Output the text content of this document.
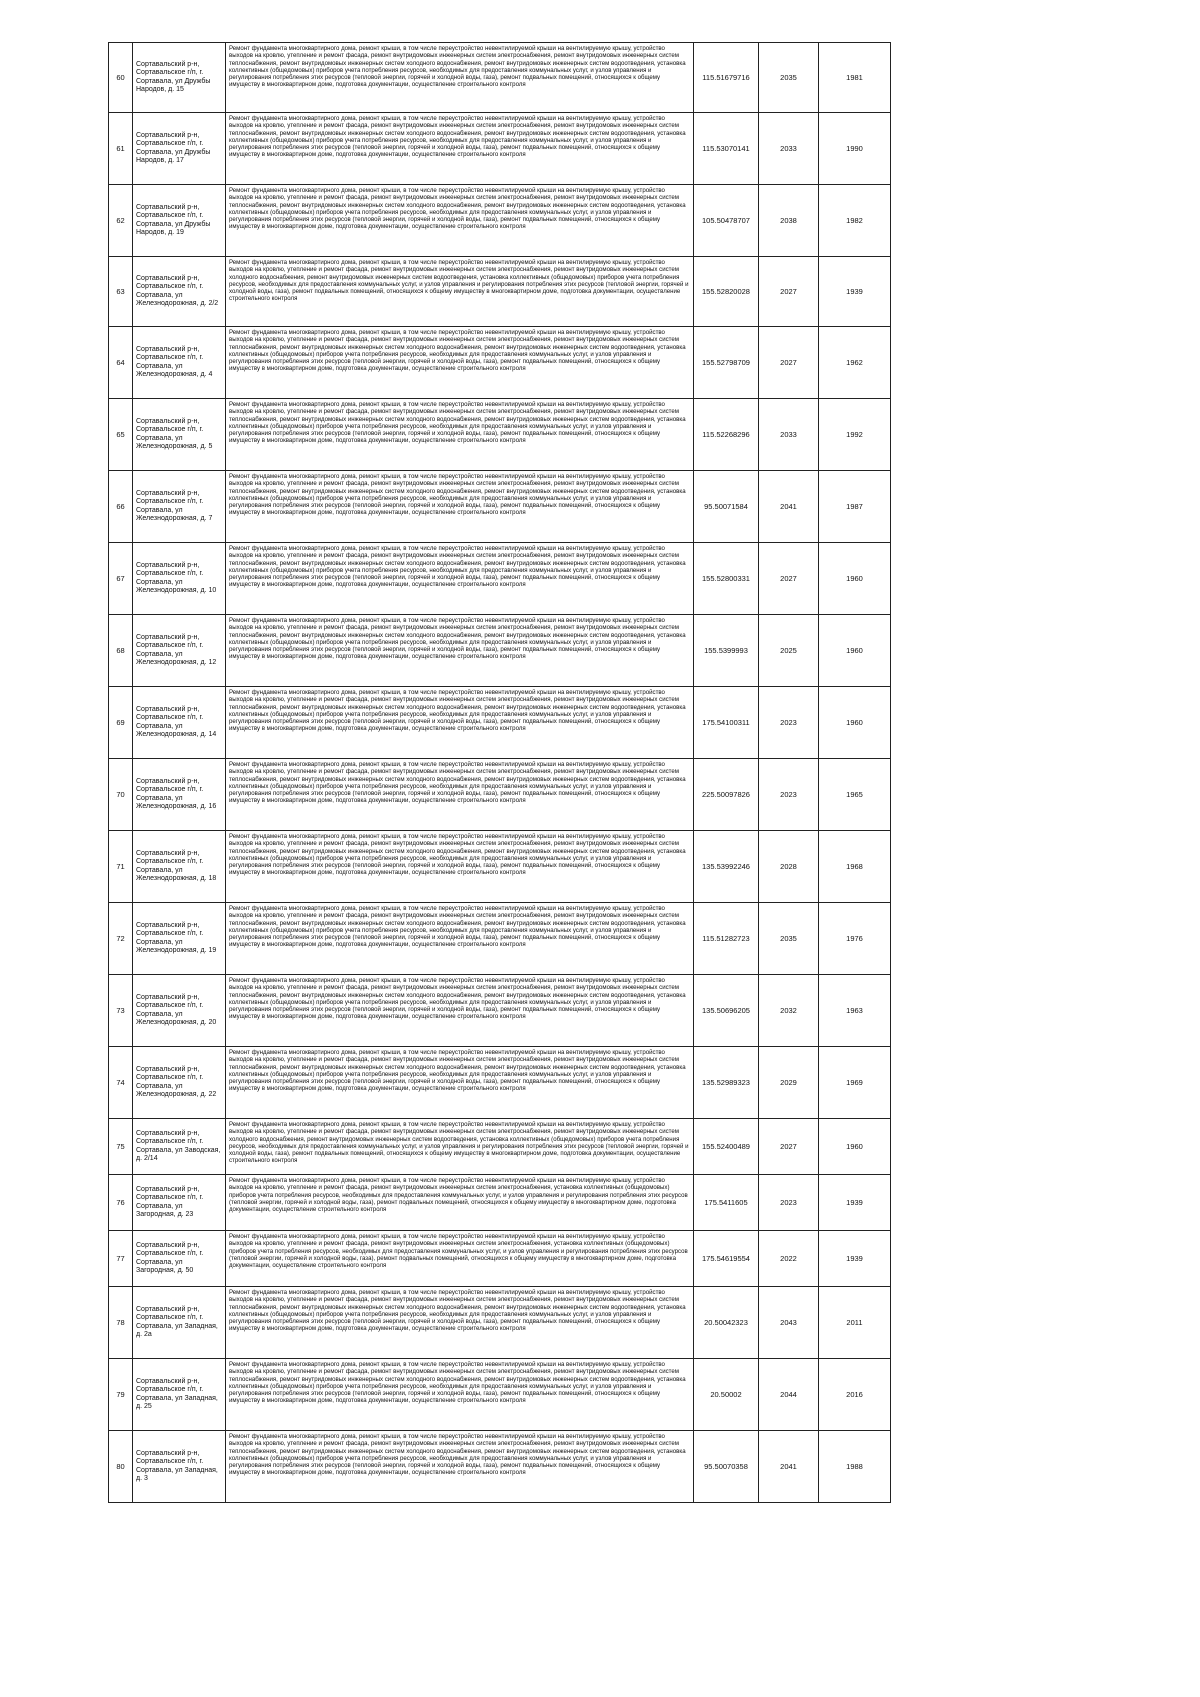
60	Сортавальский р-н, Сортавальское г/п, г. Сортавала, ул Дружбы Народов, д. 15	Ремонт фундамента многоквартирного дома, ремонт крыши, в том числе переустройство невентилируемой крыши на вентилируемую крышу, устройство выходов на кровлю, утепление и ремонт фасада, ремонт внутридомовых инженерных систем электроснабжения, ремонт внутридомовых инженерных систем теплоснабжения, ремонт внутридомовых инженерных систем холодного водоснабжения, ремонт внутридомовых инженерных систем водоотведения, установка коллективных (общедомовых) приборов учета потребления ресурсов, необходимых для предоставления коммунальных услуг, и узлов управления и регулирования потребления этих ресурсов (тепловой энергии, горячей и холодной воды, газа), ремонт подвальных помещений, относящихся к общему имуществу в многоквартирном доме, подготовка документации, осуществление строительного контроля	115.51679716	2035	1981
61	Сортавальский р-н, Сортавальское г/п, г. Сортавала, ул Дружбы Народов, д. 17	Ремонт фундамента многоквартирного дома, ремонт крыши, в том числе переустройство невентилируемой крыши на вентилируемую крышу, устройство выходов на кровлю, утепление и ремонт фасада, ремонт внутридомовых инженерных систем электроснабжения, ремонт внутридомовых инженерных систем теплоснабжения, ремонт внутридомовых инженерных систем холодного водоснабжения, ремонт внутридомовых инженерных систем водоотведения, установка коллективных (общедомовых) приборов учета потребления ресурсов, необходимых для предоставления коммунальных услуг, и узлов управления и регулирования потребления этих ресурсов (тепловой энергии, горячей и холодной воды, газа), ремонт подвальных помещений, относящихся к общему имуществу в многоквартирном доме, подготовка документации, осуществление строительного контроля	115.53070141	2033	1990
62	Сортавальский р-н, Сортавальское г/п, г. Сортавала, ул Дружбы Народов, д. 19	Ремонт фундамента многоквартирного дома, ремонт крыши, в том числе переустройство невентилируемой крыши на вентилируемую крышу, устройство выходов на кровлю, утепление и ремонт фасада, ремонт внутридомовых инженерных систем электроснабжения, ремонт внутридомовых инженерных систем теплоснабжения, ремонт внутридомовых инженерных систем холодного водоснабжения, ремонт внутридомовых инженерных систем водоотведения, установка коллективных (общедомовых) приборов учета потребления ресурсов, необходимых для предоставления коммунальных услуг, и узлов управления и регулирования потребления этих ресурсов (тепловой энергии, горячей и холодной воды, газа), ремонт подвальных помещений, относящихся к общему имуществу в многоквартирном доме, подготовка документации, осуществление строительного контроля	105.50478707	2038	1982
63	Сортавальский р-н, Сортавальское г/п, г. Сортавала, ул Железнодорожная, д. 2/2	Ремонт фундамента многоквартирного дома, ремонт крыши, в том числе переустройство невентилируемой крыши на вентилируемую крышу, устройство выходов на кровлю, утепление и ремонт фасада, ремонт внутридомовых инженерных систем электроснабжения, ремонт внутридомовых инженерных систем холодного водоснабжения, ремонт внутридомовых инженерных систем водоотведения, установка коллективных (общедомовых) приборов учета потребления ресурсов, необходимых для предоставления коммунальных услуг, и узлов управления и регулирования потребления этих ресурсов (тепловой энергии, горячей и холодной воды, газа), ремонт подвальных помещений, относящихся к общему имуществу в многоквартирном доме, подготовка документации, осуществление строительного контроля	155.52820028	2027	1939
64	Сортавальский р-н, Сортавальское г/п, г. Сортавала, ул Железнодорожная, д. 4	Ремонт фундамента многоквартирного дома, ремонт крыши, в том числе переустройство невентилируемой крыши на вентилируемую крышу, устройство выходов на кровлю, утепление и ремонт фасада, ремонт внутридомовых инженерных систем электроснабжения, ремонт внутридомовых инженерных систем теплоснабжения, ремонт внутридомовых инженерных систем холодного водоснабжения, ремонт внутридомовых инженерных систем водоотведения, установка коллективных (общедомовых) приборов учета потребления ресурсов, необходимых для предоставления коммунальных услуг, и узлов управления и регулирования потребления этих ресурсов (тепловой энергии, горячей и холодной воды, газа), ремонт подвальных помещений, относящихся к общему имуществу в многоквартирном доме, подготовка документации, осуществление строительного контроля	155.52798709	2027	1962
65	Сортавальский р-н, Сортавальское г/п, г. Сортавала, ул Железнодорожная, д. 5	Ремонт фундамента многоквартирного дома, ремонт крыши, в том числе переустройство невентилируемой крыши на вентилируемую крышу, устройство выходов на кровлю, утепление и ремонт фасада, ремонт внутридомовых инженерных систем электроснабжения, ремонт внутридомовых инженерных систем теплоснабжения, ремонт внутридомовых инженерных систем холодного водоснабжения, ремонт внутридомовых инженерных систем водоотведения, установка коллективных (общедомовых) приборов учета потребления ресурсов, необходимых для предоставления коммунальных услуг, и узлов управления и регулирования потребления этих ресурсов (тепловой энергии, горячей и холодной воды, газа), ремонт подвальных помещений, относящихся к общему имуществу в многоквартирном доме, подготовка документации, осуществление строительного контроля	115.52268296	2033	1992
66	Сортавальский р-н, Сортавальское г/п, г. Сортавала, ул Железнодорожная, д. 7	Ремонт фундамента многоквартирного дома, ремонт крыши, в том числе переустройство невентилируемой крыши на вентилируемую крышу, устройство выходов на кровлю, утепление и ремонт фасада, ремонт внутридомовых инженерных систем электроснабжения, ремонт внутридомовых инженерных систем теплоснабжения, ремонт внутридомовых инженерных систем холодного водоснабжения, ремонт внутридомовых инженерных систем водоотведения, установка коллективных (общедомовых) приборов учета потребления ресурсов, необходимых для предоставления коммунальных услуг, и узлов управления и регулирования потребления этих ресурсов (тепловой энергии, горячей и холодной воды, газа), ремонт подвальных помещений, относящихся к общему имуществу в многоквартирном доме, подготовка документации, осуществление строительного контроля	95.50071584	2041	1987
67	Сортавальский р-н, Сортавальское г/п, г. Сортавала, ул Железнодорожная, д. 10	Ремонт фундамента многоквартирного дома, ремонт крыши, в том числе переустройство невентилируемой крыши на вентилируемую крышу, устройство выходов на кровлю, утепление и ремонт фасада, ремонт внутридомовых инженерных систем электроснабжения, ремонт внутридомовых инженерных систем теплоснабжения, ремонт внутридомовых инженерных систем холодного водоснабжения, ремонт внутридомовых инженерных систем водоотведения, установка коллективных (общедомовых) приборов учета потребления ресурсов, необходимых для предоставления коммунальных услуг, и узлов управления и регулирования потребления этих ресурсов (тепловой энергии, горячей и холодной воды, газа), ремонт подвальных помещений, относящихся к общему имуществу в многоквартирном доме, подготовка документации, осуществление строительного контроля	155.52800331	2027	1960
68	Сортавальский р-н, Сортавальское г/п, г. Сортавала, ул Железнодорожная, д. 12	Ремонт фундамента многоквартирного дома, ремонт крыши, в том числе переустройство невентилируемой крыши на вентилируемую крышу, устройство выходов на кровлю, утепление и ремонт фасада, ремонт внутридомовых инженерных систем электроснабжения, ремонт внутридомовых инженерных систем теплоснабжения, ремонт внутридомовых инженерных систем холодного водоснабжения, ремонт внутридомовых инженерных систем водоотведения, установка коллективных (общедомовых) приборов учета потребления ресурсов, необходимых для предоставления коммунальных услуг, и узлов управления и регулирования потребления этих ресурсов (тепловой энергии, горячей и холодной воды, газа), ремонт подвальных помещений, относящихся к общему имуществу в многоквартирном доме, подготовка документации, осуществление строительного контроля	155.5399993	2025	1960
69	Сортавальский р-н, Сортавальское г/п, г. Сортавала, ул Железнодорожная, д. 14	Ремонт фундамента многоквартирного дома, ремонт крыши, в том числе переустройство невентилируемой крыши на вентилируемую крышу, устройство выходов на кровлю, утепление и ремонт фасада, ремонт внутридомовых инженерных систем электроснабжения, ремонт внутридомовых инженерных систем теплоснабжения, ремонт внутридомовых инженерных систем холодного водоснабжения, ремонт внутридомовых инженерных систем водоотведения, установка коллективных (общедомовых) приборов учета потребления ресурсов, необходимых для предоставления коммунальных услуг, и узлов управления и регулирования потребления этих ресурсов (тепловой энергии, горячей и холодной воды, газа), ремонт подвальных помещений, относящихся к общему имуществу в многоквартирном доме, подготовка документации, осуществление строительного контроля	175.54100311	2023	1960
70	Сортавальский р-н, Сортавальское г/п, г. Сортавала, ул Железнодорожная, д. 16	Ремонт фундамента многоквартирного дома, ремонт крыши, в том числе переустройство невентилируемой крыши на вентилируемую крышу, устройство выходов на кровлю, утепление и ремонт фасада, ремонт внутридомовых инженерных систем электроснабжения, ремонт внутридомовых инженерных систем теплоснабжения, ремонт внутридомовых инженерных систем холодного водоснабжения, ремонт внутридомовых инженерных систем водоотведения, установка коллективных (общедомовых) приборов учета потребления ресурсов, необходимых для предоставления коммунальных услуг, и узлов управления и регулирования потребления этих ресурсов (тепловой энергии, горячей и холодной воды, газа), ремонт подвальных помещений, относящихся к общему имуществу в многоквартирном доме, подготовка документации, осуществление строительного контроля	225.50097826	2023	1965
71	Сортавальский р-н, Сортавальское г/п, г. Сортавала, ул Железнодорожная, д. 18	Ремонт фундамента многоквартирного дома, ремонт крыши, в том числе переустройство невентилируемой крыши на вентилируемую крышу, устройство выходов на кровлю, утепление и ремонт фасада, ремонт внутридомовых инженерных систем электроснабжения, ремонт внутридомовых инженерных систем теплоснабжения, ремонт внутридомовых инженерных систем холодного водоснабжения, ремонт внутридомовых инженерных систем водоотведения, установка коллективных (общедомовых) приборов учета потребления ресурсов, необходимых для предоставления коммунальных услуг, и узлов управления и регулирования потребления этих ресурсов (тепловой энергии, горячей и холодной воды, газа), ремонт подвальных помещений, относящихся к общему имуществу в многоквартирном доме, подготовка документации, осуществление строительного контроля	135.53992246	2028	1968
72	Сортавальский р-н, Сортавальское г/п, г. Сортавала, ул Железнодорожная, д. 19	Ремонт фундамента многоквартирного дома, ремонт крыши, в том числе переустройство невентилируемой крыши на вентилируемую крышу, устройство выходов на кровлю, утепление и ремонт фасада, ремонт внутридомовых инженерных систем электроснабжения, ремонт внутридомовых инженерных систем теплоснабжения, ремонт внутридомовых инженерных систем холодного водоснабжения, ремонт внутридомовых инженерных систем водоотведения, установка коллективных (общедомовых) приборов учета потребления ресурсов, необходимых для предоставления коммунальных услуг, и узлов управления и регулирования потребления этих ресурсов (тепловой энергии, горячей и холодной воды, газа), ремонт подвальных помещений, относящихся к общему имуществу в многоквартирном доме, подготовка документации, осуществление строительного контроля	115.51282723	2035	1976
73	Сортавальский р-н, Сортавальское г/п, г. Сортавала, ул Железнодорожная, д. 20	Ремонт фундамента многоквартирного дома, ремонт крыши, в том числе переустройство невентилируемой крыши на вентилируемую крышу, устройство выходов на кровлю, утепление и ремонт фасада, ремонт внутридомовых инженерных систем электроснабжения, ремонт внутридомовых инженерных систем теплоснабжения, ремонт внутридомовых инженерных систем холодного водоснабжения, ремонт внутридомовых инженерных систем водоотведения, установка коллективных (общедомовых) приборов учета потребления ресурсов, необходимых для предоставления коммунальных услуг, и узлов управления и регулирования потребления этих ресурсов (тепловой энергии, горячей и холодной воды, газа), ремонт подвальных помещений, относящихся к общему имуществу в многоквартирном доме, подготовка документации, осуществление строительного контроля	135.50696205	2032	1963
74	Сортавальский р-н, Сортавальское г/п, г. Сортавала, ул Железнодорожная, д. 22	Ремонт фундамента многоквартирного дома, ремонт крыши, в том числе переустройство невентилируемой крыши на вентилируемую крышу, устройство выходов на кровлю, утепление и ремонт фасада, ремонт внутридомовых инженерных систем электроснабжения, ремонт внутридомовых инженерных систем теплоснабжения, ремонт внутридомовых инженерных систем холодного водоснабжения, ремонт внутридомовых инженерных систем водоотведения, установка коллективных (общедомовых) приборов учета потребления ресурсов, необходимых для предоставления коммунальных услуг, и узлов управления и регулирования потребления этих ресурсов (тепловой энергии, горячей и холодной воды, газа), ремонт подвальных помещений, относящихся к общему имуществу в многоквартирном доме, подготовка документации, осуществление строительного контроля	135.52989323	2029	1969
75	Сортавальский р-н, Сортавальское г/п, г. Сортавала, ул Заводская, д. 2/14	Ремонт фундамента многоквартирного дома, ремонт крыши, в том числе переустройство невентилируемой крыши на вентилируемую крышу, устройство выходов на кровлю, утепление и ремонт фасада, ремонт внутридомовых инженерных систем электроснабжения, ремонт внутридомовых инженерных систем холодного водоснабжения, ремонт внутридомовых инженерных систем водоотведения, установка коллективных (общедомовых) приборов учета потребления ресурсов, необходимых для предоставления коммунальных услуг, и узлов управления и регулирования потребления этих ресурсов (тепловой энергии, горячей и холодной воды, газа), ремонт подвальных помещений, относящихся к общему имуществу в многоквартирном доме, подготовка документации, осуществление строительного контроля	155.52400489	2027	1960
76	Сортавальский р-н, Сортавальское г/п, г. Сортавала, ул Загородная, д. 23	Ремонт фундамента многоквартирного дома, ремонт крыши, в том числе переустройство невентилируемой крыши на вентилируемую крышу, устройство выходов на кровлю, утепление и ремонт фасада, ремонт внутридомовых инженерных систем электроснабжения, установка коллективных (общедомовых) приборов учета потребления ресурсов, необходимых для предоставления коммунальных услуг, и узлов управления и регулирования потребления этих ресурсов (тепловой энергии, горячей и холодной воды, газа), ремонт подвальных помещений, относящихся к общему имуществу в многоквартирном доме, подготовка документации, осуществление строительного контроля	175.5411605	2023	1939
77	Сортавальский р-н, Сортавальское г/п, г. Сортавала, ул Загородная, д. 50	Ремонт фундамента многоквартирного дома, ремонт крыши, в том числе переустройство невентилируемой крыши на вентилируемую крышу, устройство выходов на кровлю, утепление и ремонт фасада, ремонт внутридомовых инженерных систем электроснабжения, установка коллективных (общедомовых) приборов учета потребления ресурсов, необходимых для предоставления коммунальных услуг, и узлов управления и регулирования потребления этих ресурсов (тепловой энергии, горячей и холодной воды, газа), ремонт подвальных помещений, относящихся к общему имуществу в многоквартирном доме, подготовка документации, осуществление строительного контроля	175.54619554	2022	1939
78	Сортавальский р-н, Сортавальское г/п, г. Сортавала, ул Западная, д. 2а	Ремонт фундамента многоквартирного дома, ремонт крыши, в том числе переустройство невентилируемой крыши на вентилируемую крышу, устройство выходов на кровлю, утепление и ремонт фасада, ремонт внутридомовых инженерных систем электроснабжения, ремонт внутридомовых инженерных систем теплоснабжения, ремонт внутридомовых инженерных систем холодного водоснабжения, ремонт внутридомовых инженерных систем водоотведения, установка коллективных (общедомовых) приборов учета потребления ресурсов, необходимых для предоставления коммунальных услуг, и узлов управления и регулирования потребления этих ресурсов (тепловой энергии, горячей и холодной воды, газа), ремонт подвальных помещений, относящихся к общему имуществу в многоквартирном доме, подготовка документации, осуществление строительного контроля	20.50042323	2043	2011
79	Сортавальский р-н, Сортавальское г/п, г. Сортавала, ул Западная, д. 25	Ремонт фундамента многоквартирного дома, ремонт крыши, в том числе переустройство невентилируемой крыши на вентилируемую крышу, устройство выходов на кровлю, утепление и ремонт фасада, ремонт внутридомовых инженерных систем электроснабжения, ремонт внутридомовых инженерных систем теплоснабжения, ремонт внутридомовых инженерных систем холодного водоснабжения, ремонт внутридомовых инженерных систем водоотведения, установка коллективных (общедомовых) приборов учета потребления ресурсов, необходимых для предоставления коммунальных услуг, и узлов управления и регулирования потребления этих ресурсов (тепловой энергии, горячей и холодной воды, газа), ремонт подвальных помещений, относящихся к общему имуществу в многоквартирном доме, подготовка документации, осуществление строительного контроля	20.50002	2044	2016
80	Сортавальский р-н, Сортавальское г/п, г. Сортавала, ул Западная, д. 3	Ремонт фундамента многоквартирного дома, ремонт крыши, в том числе переустройство невентилируемой крыши на вентилируемую крышу, устройство выходов на кровлю, утепление и ремонт фасада, ремонт внутридомовых инженерных систем электроснабжения, ремонт внутридомовых инженерных систем теплоснабжения, ремонт внутридомовых инженерных систем холодного водоснабжения, ремонт внутридомовых инженерных систем водоотведения, установка коллективных (общедомовых) приборов учета потребления ресурсов, необходимых для предоставления коммунальных услуг, и узлов управления и регулирования потребления этих ресурсов (тепловой энергии, горячей и холодной воды, газа), ремонт подвальных помещений, относящихся к общему имуществу в многоквартирном доме, подготовка документации, осуществление строительного контроля	95.50070358	2041	1988
